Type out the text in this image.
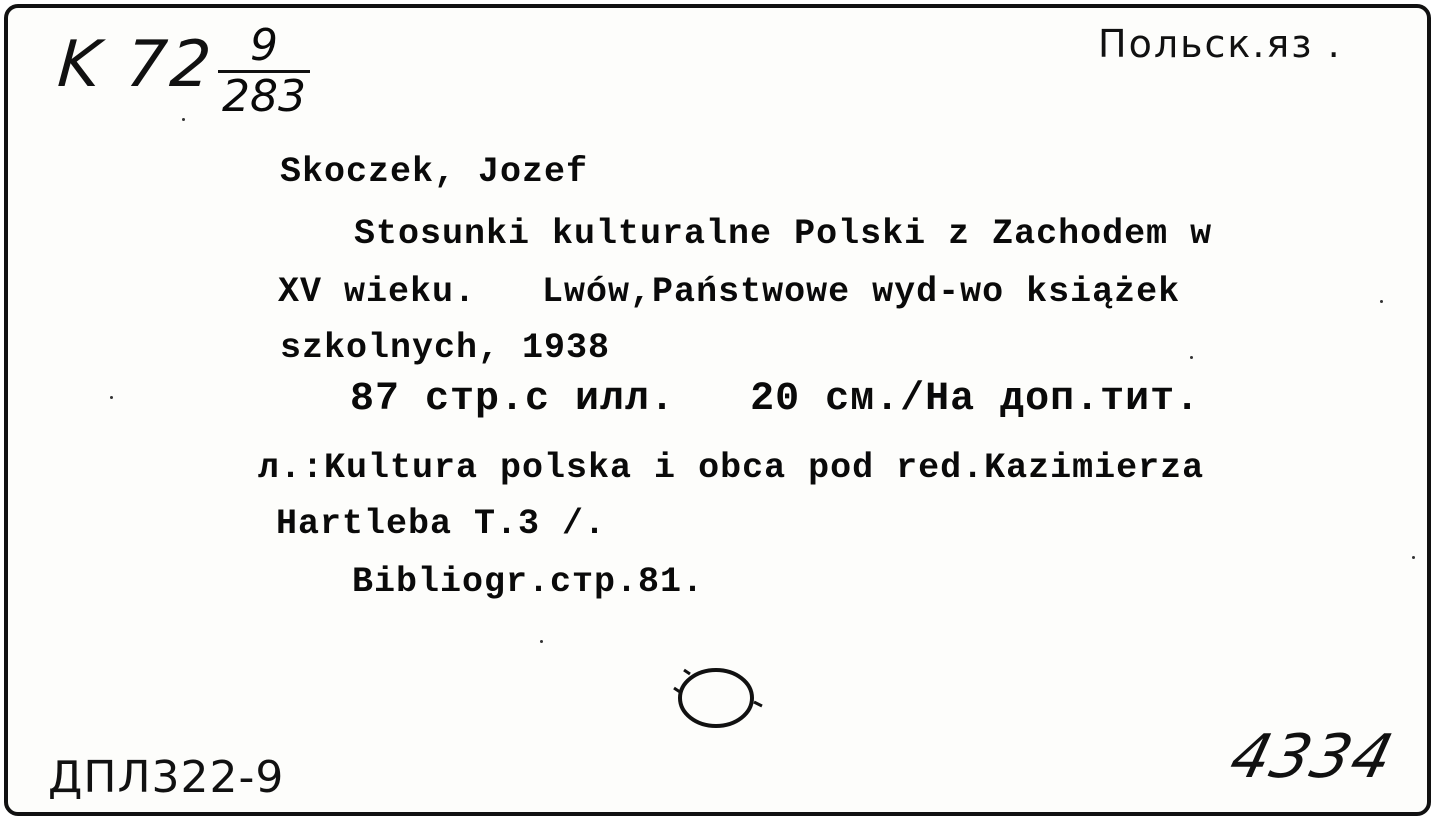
K 72 9
283
Польск.яз .
Skoczek, Jozef
Stosunki kulturalne Polski z Zachodem w
XV wieku.   Lwów,Państwowe wyd-wo książek
szkolnych, 1938
87 стр.с илл.   20 см./На доп.тит.
л.:Kultura polska i obca pod red.Kazimierza
Hartleba T.3 /.
Bibliogr.стр.81.
ДПЛ322-9	4334
